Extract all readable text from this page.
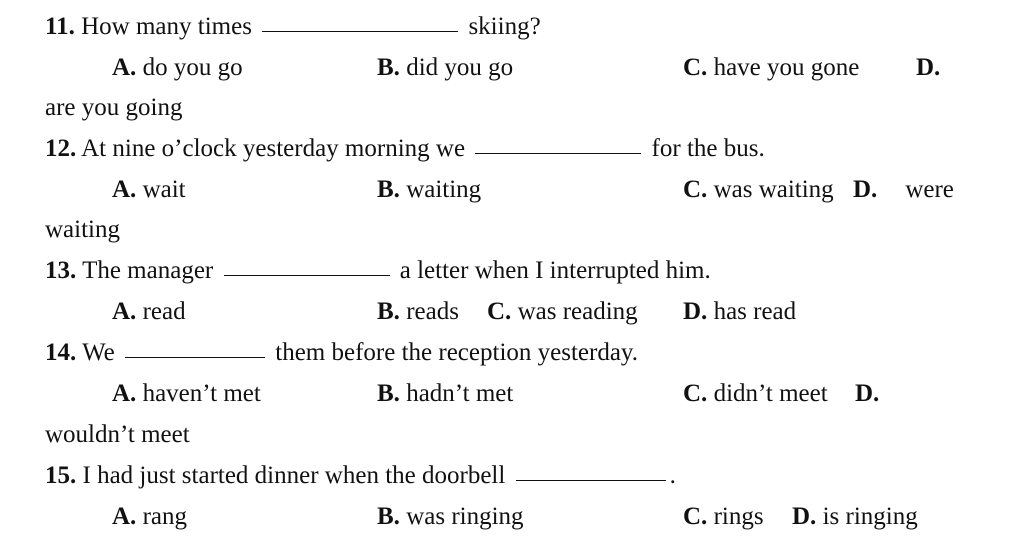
11. How many times	skiing?
A. do you go	B. did you go	C. have you gone D.
are you going
12. At nine o’clock yesterday morning we	for the bus.
A. wait	B. waiting	C. was waiting D. were
waiting
13. The manager	a letter when I interrupted him.
A. read	B. reads C. was reading D. has read
14. We	them before the reception yesterday.
A. haven’t met	B. hadn’t met	C. didn’t meet D.
wouldn’t meet
15. I had just started dinner when the doorbell	.
A. rang	B. was ringing	C. rings D. is ringing
